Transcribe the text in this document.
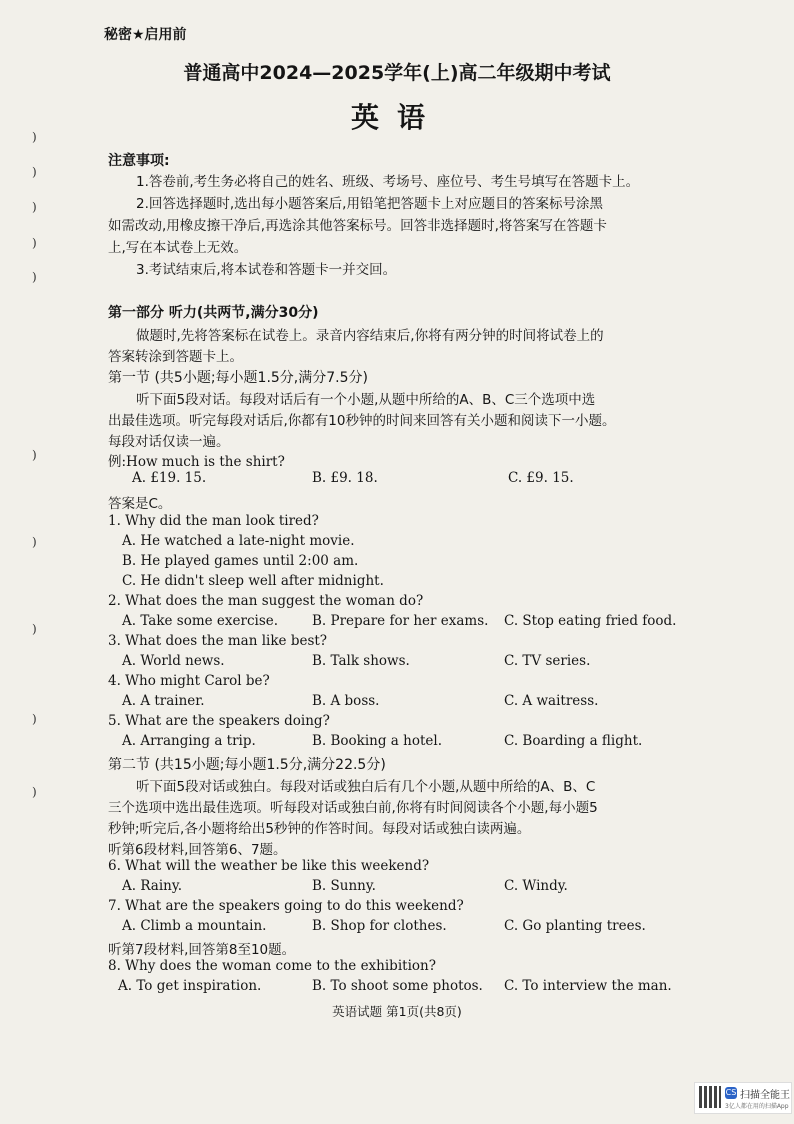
秘密★启用前
普通高中2024—2025学年(上)高二年级期中考试
英语
)
)
)
)
)
)
)
)
)
)
注意事项:
1.答卷前,考生务必将自己的姓名、班级、考场号、座位号、考生号填写在答题卡上。
2.回答选择题时,选出每小题答案后,用铅笔把答题卡上对应题目的答案标号涂黑
如需改动,用橡皮擦干净后,再选涂其他答案标号。回答非选择题时,将答案写在答题卡
上,写在本试卷上无效。
3.考试结束后,将本试卷和答题卡一并交回。
第一部分 听力(共两节,满分30分)
做题时,先将答案标在试卷上。录音内容结束后,你将有两分钟的时间将试卷上的
答案转涂到答题卡上。
第一节 (共5小题;每小题1.5分,满分7.5分)
听下面5段对话。每段对话后有一个小题,从题中所给的A、B、C三个选项中选
出最佳选项。听完每段对话后,你都有10秒钟的时间来回答有关小题和阅读下一小题。
每段对话仅读一遍。
例:How much is the shirt?
A. £19. 15.	B. £9. 18.	C. £9. 15.
答案是C。
1. Why did the man look tired?
A. He watched a late-night movie.
B. He played games until 2:00 am.
C. He didn't sleep well after midnight.
2. What does the man suggest the woman do?
A. Take some exercise.	B. Prepare for her exams. C. Stop eating fried food.
3. What does the man like best?
A. World news.	B. Talk shows.	C. TV series.
4. Who might Carol be?
A. A trainer.	B. A boss.	C. A waitress.
5. What are the speakers doing?
A. Arranging a trip.	B. Booking a hotel.	C. Boarding a flight.
第二节 (共15小题;每小题1.5分,满分22.5分)
听下面5段对话或独白。每段对话或独白后有几个小题,从题中所给的A、B、C
三个选项中选出最佳选项。听每段对话或独白前,你将有时间阅读各个小题,每小题5
秒钟;听完后,各小题将给出5秒钟的作答时间。每段对话或独白读两遍。
听第6段材料,回答第6、7题。
6. What will the weather be like this weekend?
A. Rainy.	B. Sunny.	C. Windy.
7. What are the speakers going to do this weekend?
A. Climb a mountain.	B. Shop for clothes.	C. Go planting trees.
听第7段材料,回答第8至10题。
8. Why does the woman come to the exhibition?
A. To get inspiration.	B. To shoot some photos. C. To interview the man.
英语试题 第1页(共8页)
CS 扫描全能王
3亿人都在用的扫描App
